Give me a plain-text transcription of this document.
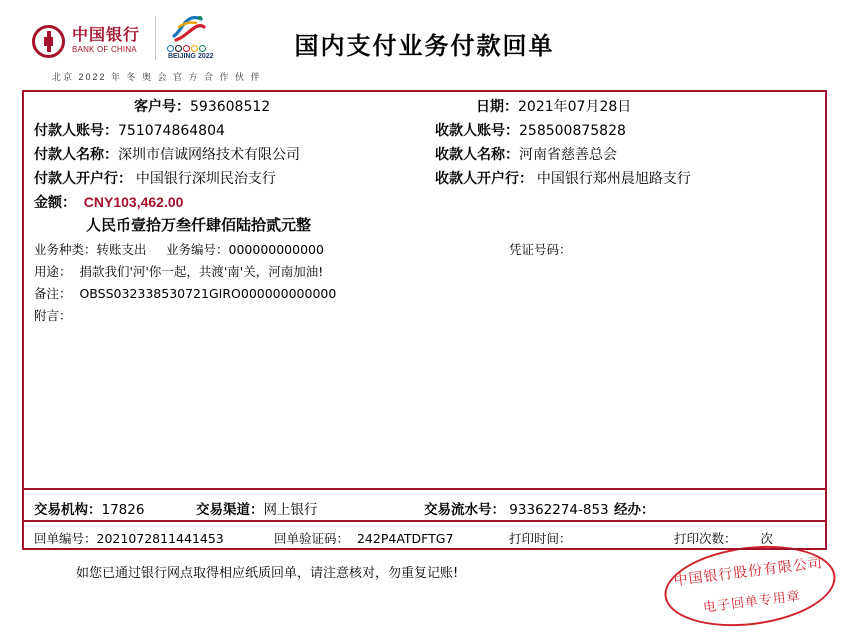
中国银行
BANK OF CHINA
BEIJING 2022	国内支付业务付款回单
北京 2022 年 冬 奥 会 官 方 合 作 伙 伴
客户号：593608512	日期：2021年07月28日
付款人账号：751074864804	收款人账号：258500875828
付款人名称：深圳市信诚网络技术有限公司	收款人名称：河南省慈善总会
付款人开户行： 中国银行深圳民治支行	收款人开户行： 中国银行郑州晨旭路支行
金额： CNY103,462.00
人民币壹拾万叁仟肆佰陆拾贰元整
业务种类：转账支出 业务编号：000000000000	凭证号码：
用途： 捐款我们'河'你一起，共渡'南'关，河南加油!
备注： OBSS032338530721GIRO000000000000
附言：
如您已通过银行网点取得相应纸质回单，请注意核对，勿重复记账!	中国银行股份有限公司
电子回单专用章
交易机构：17826	交易渠道：网上银行	交易流水号： 93362274-853 经办：
回单编号：2021072811441453	回单验证码： 242P4ATDFTG7	打印时间：	打印次数： 次
